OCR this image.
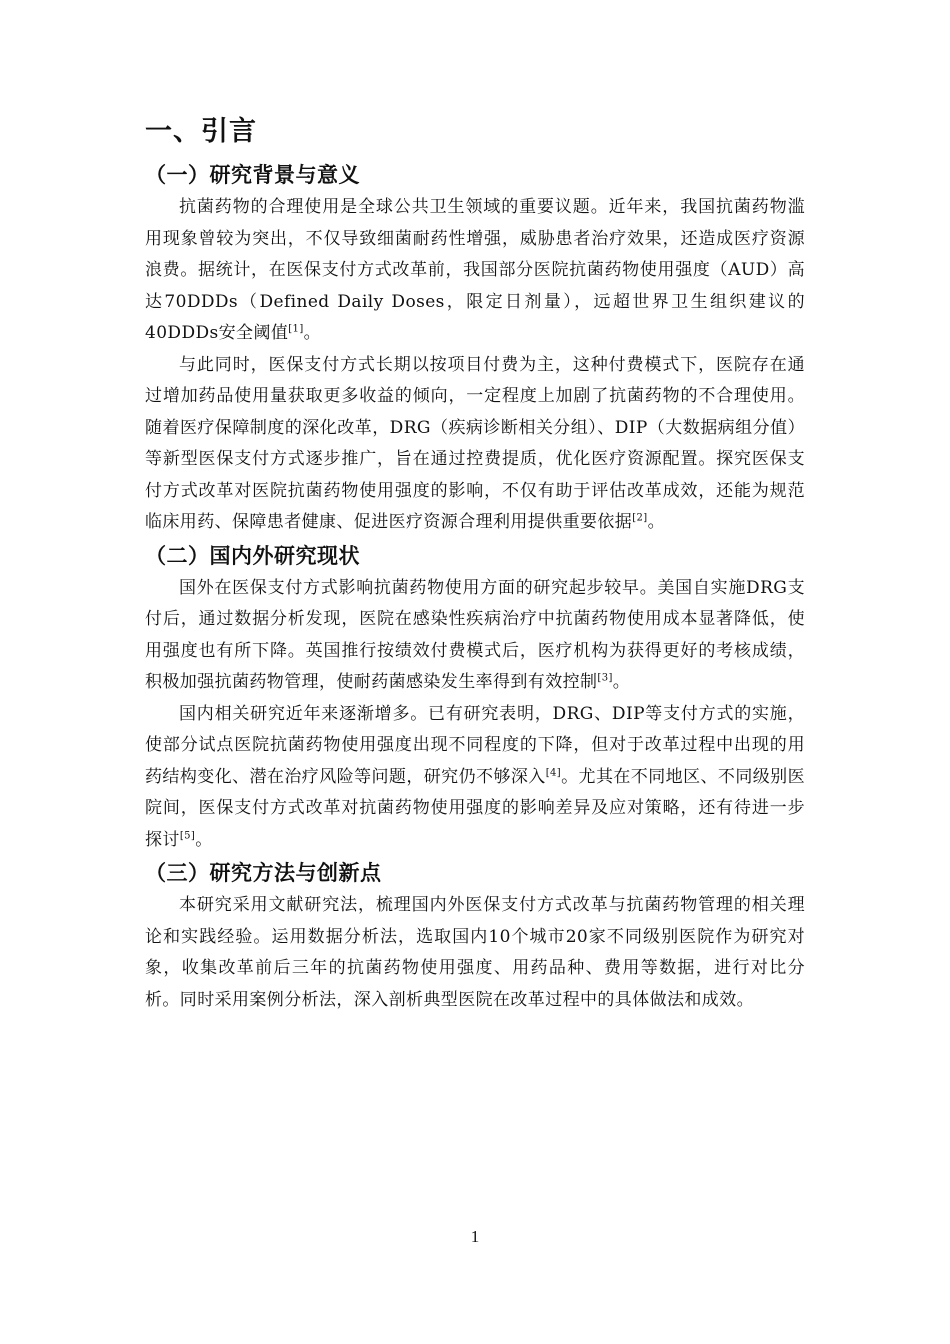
一、引言
（一）研究背景与意义

抗菌药物的合理使用是全球公共卫生领域的重要议题。近年来，我国抗菌药物滥用现象曾较为突出，不仅导致细菌耐药性增强，威胁患者治疗效果，还造成医疗资源浪费。据统计，在医保支付方式改革前，我国部分医院抗菌药物使用强度（AUD）高达70DDDs（Defined Daily Doses，限定日剂量），远超世界卫生组织建议的40DDDs安全阈值[1]。

与此同时，医保支付方式长期以按项目付费为主，这种付费模式下，医院存在通过增加药品使用量获取更多收益的倾向，一定程度上加剧了抗菌药物的不合理使用。随着医疗保障制度的深化改革，DRG（疾病诊断相关分组）、DIP（大数据病组分值）等新型医保支付方式逐步推广，旨在通过控费提质，优化医疗资源配置。探究医保支付方式改革对医院抗菌药物使用强度的影响，不仅有助于评估改革成效，还能为规范临床用药、保障患者健康、促进医疗资源合理利用提供重要依据[2]。

（二）国内外研究现状

国外在医保支付方式影响抗菌药物使用方面的研究起步较早。美国自实施DRG支付后，通过数据分析发现，医院在感染性疾病治疗中抗菌药物使用成本显著降低，使用强度也有所下降。英国推行按绩效付费模式后，医疗机构为获得更好的考核成绩，积极加强抗菌药物管理，使耐药菌感染发生率得到有效控制[3]。

国内相关研究近年来逐渐增多。已有研究表明，DRG、DIP等支付方式的实施，使部分试点医院抗菌药物使用强度出现不同程度的下降，但对于改革过程中出现的用药结构变化、潜在治疗风险等问题，研究仍不够深入[4]。尤其在不同地区、不同级别医院间，医保支付方式改革对抗菌药物使用强度的影响差异及应对策略，还有待进一步探讨[5]。

（三）研究方法与创新点

本研究采用文献研究法，梳理国内外医保支付方式改革与抗菌药物管理的相关理论和实践经验。运用数据分析法，选取国内10个城市20家不同级别医院作为研究对象，收集改革前后三年的抗菌药物使用强度、用药品种、费用等数据，进行对比分析。同时采用案例分析法，深入剖析典型医院在改革过程中的具体做法和成效。

1
